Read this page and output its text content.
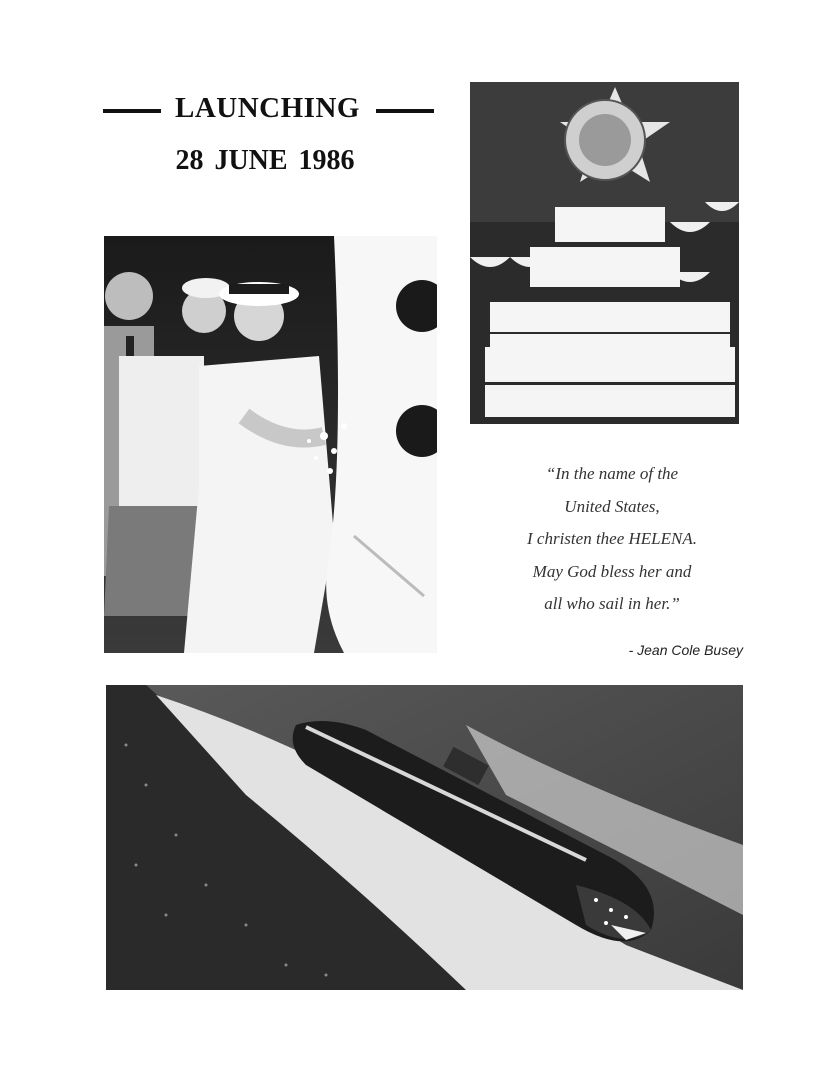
LAUNCHING
28 JUNE 1986
“In the name of the
United States,
I christen thee HELENA.
May God bless her and
all who sail in her.”
- Jean Cole Busey
